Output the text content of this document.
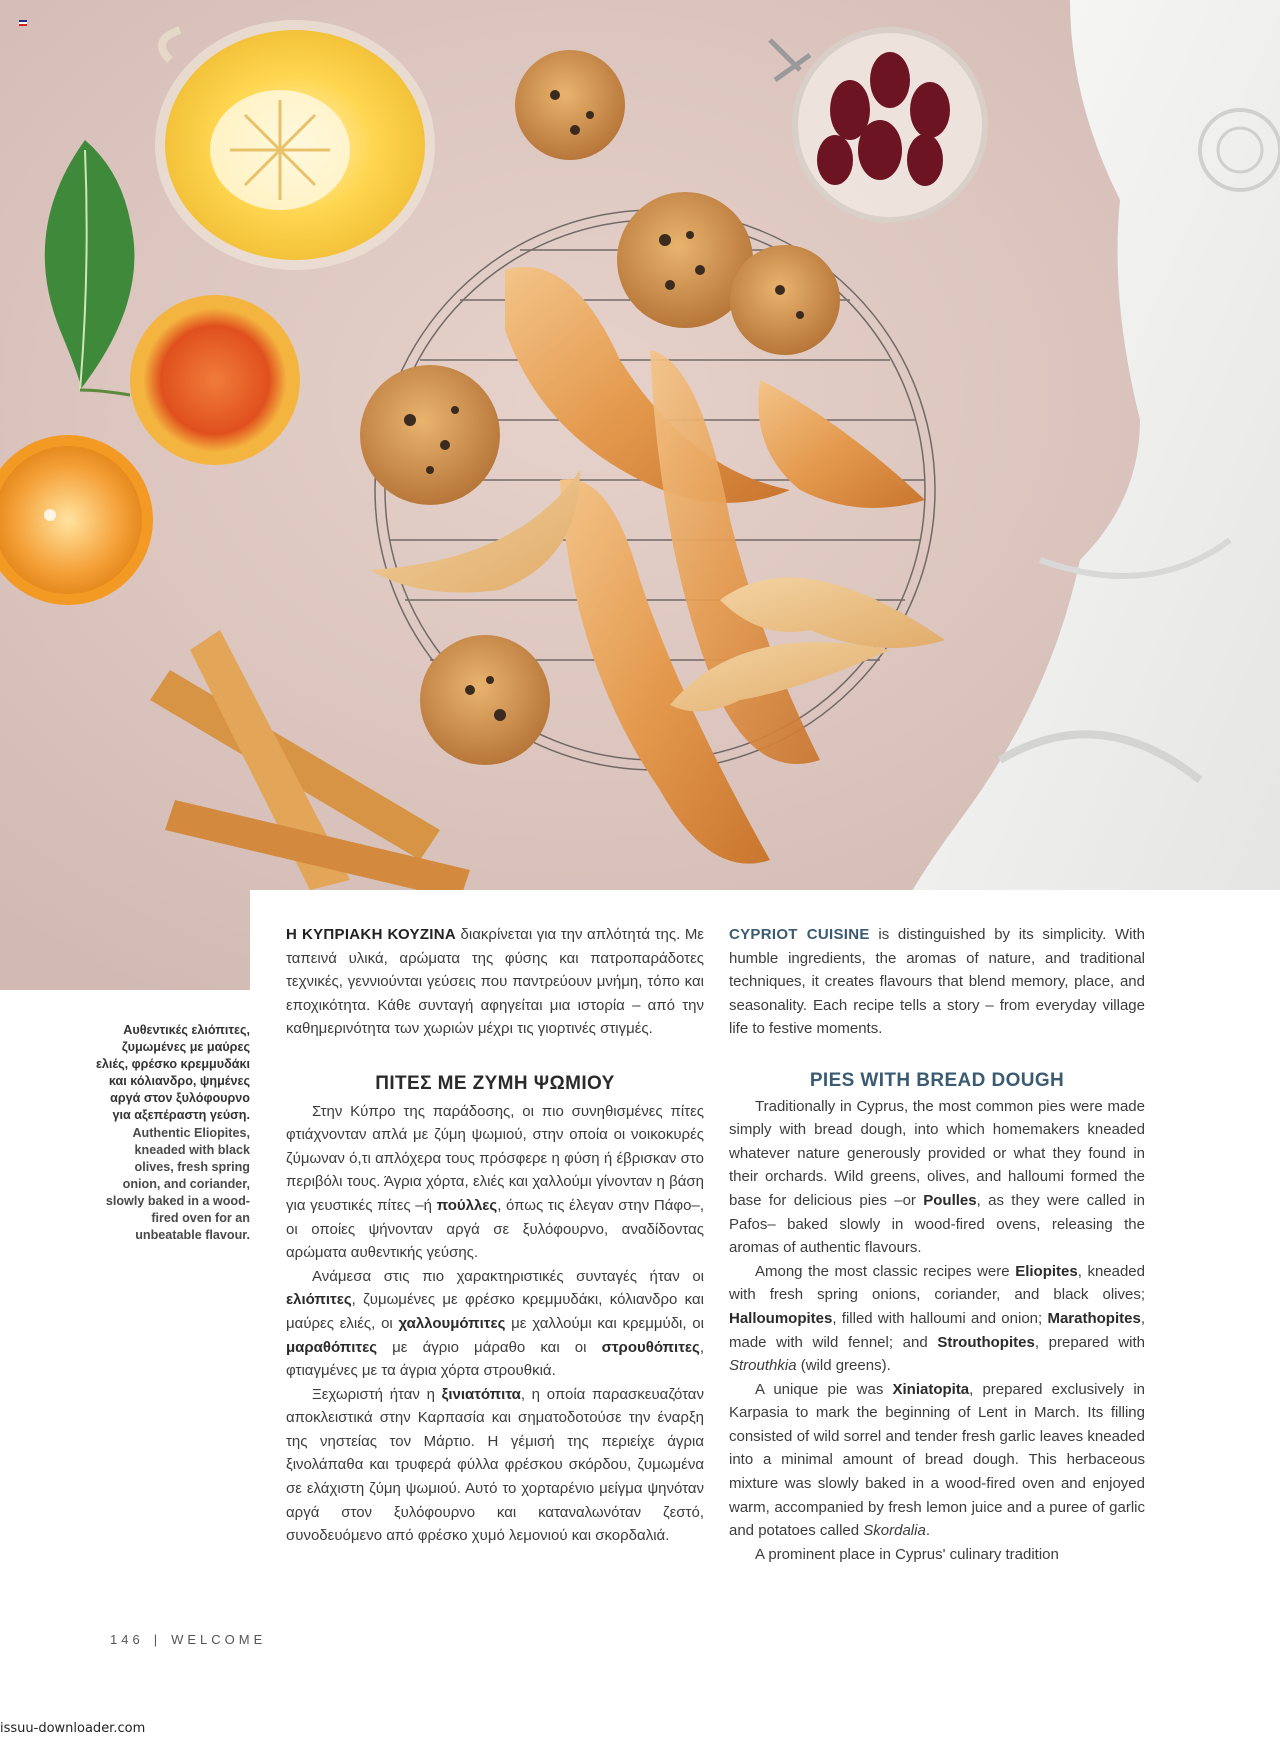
Αυθεντικές ελιόπιτες, ζυμωμένες με μαύρες ελιές, φρέσκο κρεμμυδάκι και κόλιανδρο, ψημένες αργά στον ξυλόφουρνο για αξεπέραστη γεύση.
Authentic Eliopites, kneaded with black olives, fresh spring onion, and coriander, slowly baked in a wood-fired oven for an unbeatable flavour.

Η ΚΥΠΡΙΑΚΗ ΚΟΥΖΙΝΑ διακρίνεται για την απλότητά της. Με ταπεινά υλικά, αρώματα της φύσης και πατροπαράδοτες τεχνικές, γεννιούνται γεύσεις που παντρεύουν μνήμη, τόπο και εποχικότητα. Κάθε συνταγή αφηγείται μια ιστορία – από την καθημερινότητα των χωριών μέχρι τις γιορτινές στιγμές.

ΠΙΤΕΣ ΜΕ ΖΥΜΗ ΨΩΜΙΟΥ

Στην Κύπρο της παράδοσης, οι πιο συνηθισμένες πίτες φτιάχνονταν απλά με ζύμη ψωμιού, στην οποία οι νοικοκυρές ζύμωναν ό,τι απλόχερα τους πρόσφερε η φύση ή έβρισκαν στο περιβόλι τους. Άγρια χόρτα, ελιές και χαλλούμι γίνονταν η βάση για γευστικές πίτες –ή πούλλες, όπως τις έλεγαν στην Πάφο–, οι οποίες ψήνονταν αργά σε ξυλόφουρνο, αναδίδοντας αρώματα αυθεντικής γεύσης.

Ανάμεσα στις πιο χαρακτηριστικές συνταγές ήταν οι ελιόπιτες, ζυμωμένες με φρέσκο κρεμμυδάκι, κόλιανδρο και μαύρες ελιές, οι χαλλουμόπιτες με χαλλούμι και κρεμμύδι, οι μαραθόπιτες με άγριο μάραθο και οι στρουθόπιτες, φτιαγμένες με τα άγρια χόρτα στρουθκιά.

Ξεχωριστή ήταν η ξινιατόπιτα, η οποία παρασκευαζόταν αποκλειστικά στην Καρπασία και σηματοδοτούσε την έναρξη της νηστείας τον Μάρτιο. Η γέμισή της περιείχε άγρια ξινολάπαθα και τρυφερά φύλλα φρέσκου σκόρδου, ζυμωμένα σε ελάχιστη ζύμη ψωμιού. Αυτό το χορταρένιο μείγμα ψηνόταν αργά στον ξυλόφουρνο και καταναλωνόταν ζεστό, συνοδευόμενο από φρέσκο χυμό λεμονιού και σκορδαλιά.

CYPRIOT CUISINE is distinguished by its simplicity. With humble ingredients, the aromas of nature, and traditional techniques, it creates flavours that blend memory, place, and seasonality. Each recipe tells a story – from everyday village life to festive moments.

PIES WITH BREAD DOUGH

Traditionally in Cyprus, the most common pies were made simply with bread dough, into which homemakers kneaded whatever nature generously provided or what they found in their orchards. Wild greens, olives, and halloumi formed the base for delicious pies –or Poulles, as they were called in Pafos– baked slowly in wood-fired ovens, releasing the aromas of authentic flavours.

Among the most classic recipes were Eliopites, kneaded with fresh spring onions, coriander, and black olives; Halloumopites, filled with halloumi and onion; Marathopites, made with wild fennel; and Strouthopites, prepared with Strouthkia (wild greens).

A unique pie was Xiniatopita, prepared exclusively in Karpasia to mark the beginning of Lent in March. Its filling consisted of wild sorrel and tender fresh garlic leaves kneaded into a minimal amount of bread dough. This herbaceous mixture was slowly baked in a wood-fired oven and enjoyed warm, accompanied by fresh lemon juice and a puree of garlic and potatoes called Skordalia.

A prominent place in Cyprus' culinary tradition

146 | WELCOME
issuu-downloader.com
